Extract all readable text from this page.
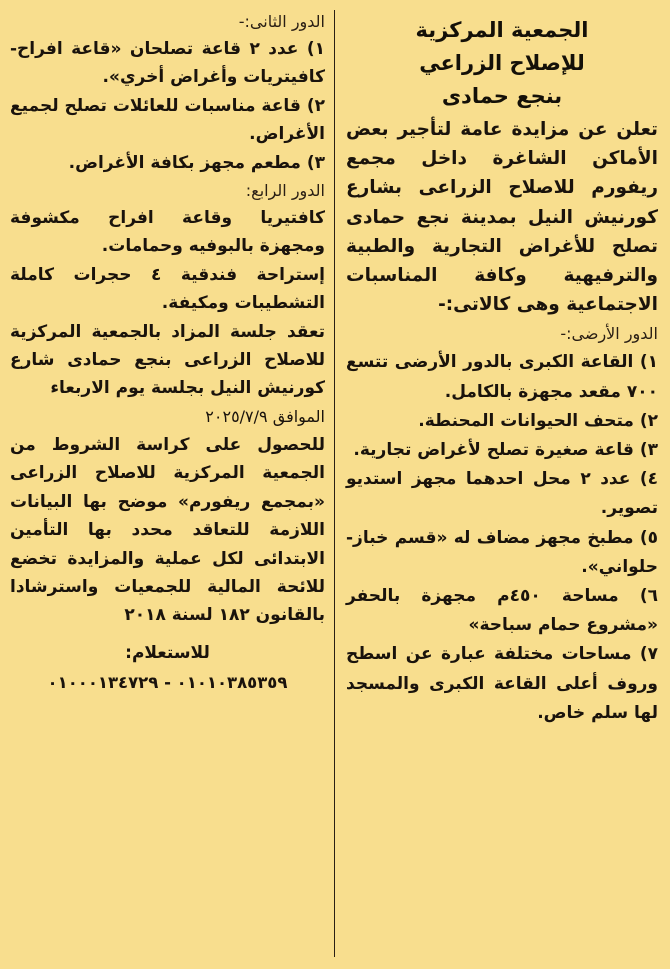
الجمعية المركزية
للإصلاح الزراعي
بنجع حمادى

تعلن عن مزايدة عامة لتأجير بعض الأماكن الشاغرة داخل مجمع ريفورم للاصلاح الزراعى بشارع كورنيش النيل بمدينة نجع حمادى تصلح للأغراض التجارية والطبية والترفيهية وكافة المناسبات الاجتماعية وهى كالاتى:-

الدور الأرضى:-

١) القاعة الكبرى بالدور الأرضى تتسع ٧٠٠ مقعد مجهزة بالكامل.

٢) متحف الحيوانات المحنطة.

٣) قاعة صغيرة تصلح لأغراض تجارية.

٤) عدد ٢ محل احدهما مجهز استديو تصوير.

٥) مطبخ مجهز مضاف له «قسم خباز- حلواني».

٦) مساحة ٤٥٠م مجهزة بالحفر «مشروع حمام سباحة»

٧) مساحات مختلفة عبارة عن اسطح وروف أعلى القاعة الكبرى والمسجد لها سلم خاص.

الدور الثانى:-

١) عدد ٢ قاعة تصلحان «قاعة افراح- كافيتريات وأغراض أخري».

٢) قاعة مناسبات للعائلات تصلح لجميع الأغراض.

٣) مطعم مجهز بكافة الأغراض.

الدور الرابع:

كافتيريا وقاعة افراح مكشوفة ومجهزة بالبوفيه وحمامات.

إستراحة فندقية ٤ حجرات كاملة التشطيبات ومكيفة.

تعقد جلسة المزاد بالجمعية المركزية للاصلاح الزراعى بنجع حمادى شارع كورنيش النيل بجلسة يوم الاربعاء

الموافق ٢٠٢٥/٧/٩

للحصول على كراسة الشروط من الجمعية المركزية للاصلاح الزراعى «بمجمع ريفورم» موضح بها البيانات اللازمة للتعاقد محدد بها التأمين الابتدائى لكل عملية والمزايدة تخضع للائحة المالية للجمعيات واسترشادا بالقانون ١٨٢ لسنة ٢٠١٨

للاستعلام:

٠١٠١٠٣٨٥٣٥٩ - ٠١٠٠٠١٣٤٧٢٩
